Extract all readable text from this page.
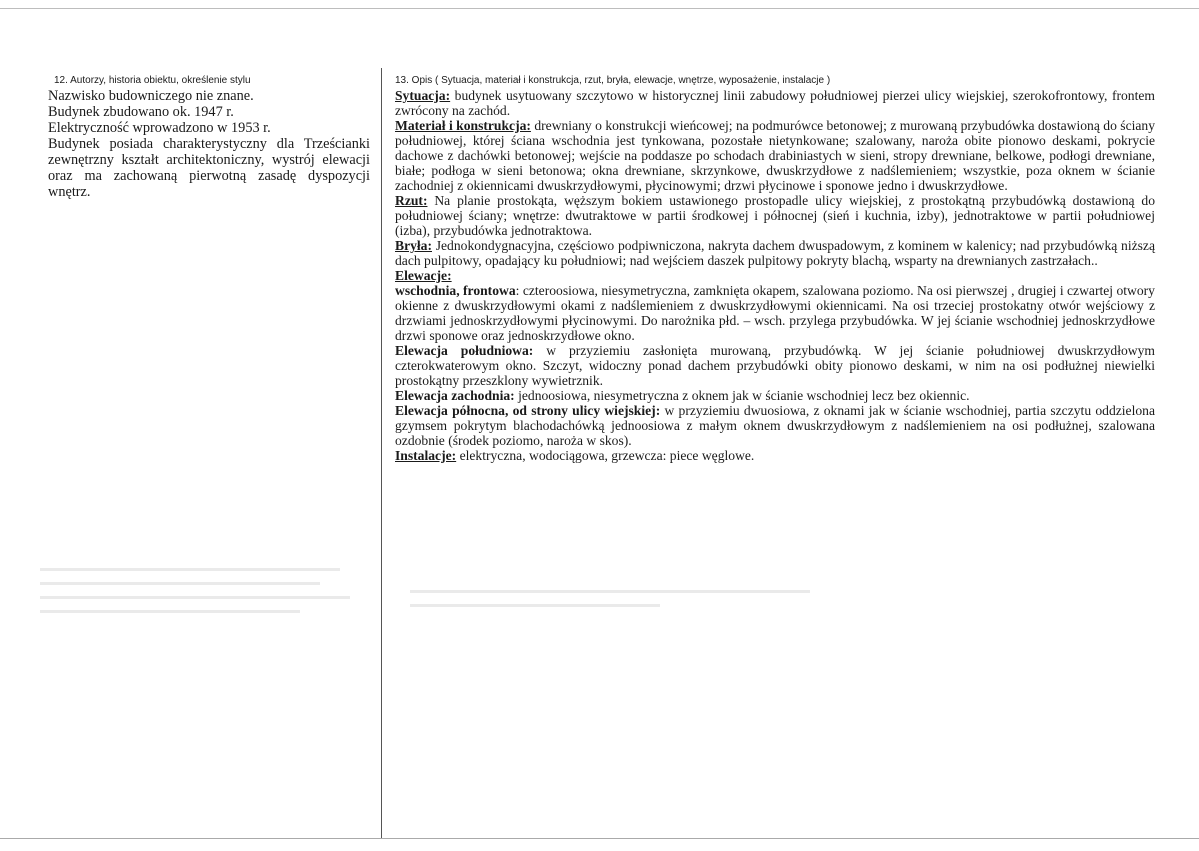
12. Autorzy, historia obiektu, określenie stylu

Nazwisko budowniczego nie znane.

Budynek zbudowano ok. 1947 r.

Elektryczność wprowadzono w 1953 r.

Budynek posiada charakterystyczny dla Trześcianki zewnętrzny kształt architektoniczny, wystrój elewacji oraz ma zachowaną pierwotną zasadę dyspozycji wnętrz.

13. Opis ( Sytuacja, materiał i konstrukcja, rzut, bryła, elewacje, wnętrze, wyposażenie, instalacje )

Sytuacja: budynek usytuowany szczytowo w historycznej linii zabudowy południowej pierzei ulicy wiejskiej, szerokofrontowy, frontem zwrócony na zachód.

Materiał i konstrukcja: drewniany o konstrukcji wieńcowej; na podmurówce betonowej; z murowaną przybudówka dostawioną do ściany południowej, której ściana wschodnia jest tynkowana, pozostałe nietynkowane; szalowany, naroża obite pionowo deskami, pokrycie dachowe z dachówki betonowej; wejście na poddasze po schodach drabiniastych w sieni, stropy drewniane, belkowe, podłogi drewniane, białe; podłoga w sieni betonowa; okna drewniane, skrzynkowe, dwuskrzydłowe z nadślemieniem; wszystkie, poza oknem w ścianie zachodniej z okiennicami dwuskrzydłowymi, płycinowymi; drzwi płycinowe i sponowe jedno i dwuskrzydłowe.

Rzut: Na planie prostokąta, węższym bokiem ustawionego prostopadle ulicy wiejskiej, z prostokątną przybudówką dostawioną do południowej ściany; wnętrze: dwutraktowe w partii środkowej i północnej (sień i kuchnia, izby), jednotraktowe w partii południowej (izba), przybudówka jednotraktowa.

Bryła: Jednokondygnacyjna, częściowo podpiwniczona, nakryta dachem dwuspadowym, z kominem w kalenicy; nad przybudówką niższą dach pulpitowy, opadający ku południowi; nad wejściem daszek pulpitowy pokryty blachą, wsparty na drewnianych zastrzałach..

Elewacje:

wschodnia, frontowa: czteroosiowa, niesymetryczna, zamknięta okapem, szalowana poziomo. Na osi pierwszej , drugiej i czwartej otwory okienne z dwuskrzydłowymi okami z nadślemieniem z dwuskrzydłowymi okiennicami. Na osi trzeciej prostokatny otwór wejściowy z drzwiami jednoskrzydłowymi płycinowymi. Do narożnika płd. – wsch. przylega przybudówka. W jej ścianie wschodniej jednoskrzydłowe drzwi sponowe oraz jednoskrzydłowe okno.

Elewacja południowa: w przyziemiu zasłonięta murowaną, przybudówką. W jej ścianie południowej dwuskrzydłowym czterokwaterowym okno. Szczyt, widoczny ponad dachem przybudówki obity pionowo deskami, w nim na osi podłużnej niewielki prostokątny przeszklony wywietrznik.

Elewacja zachodnia: jednoosiowa, niesymetryczna z oknem jak w ścianie wschodniej lecz bez okiennic.

Elewacja północna, od strony ulicy wiejskiej: w przyziemiu dwuosiowa, z oknami jak w ścianie wschodniej, partia szczytu oddzielona gzymsem pokrytym blachodachówką jednoosiowa z małym oknem dwuskrzydłowym z nadślemieniem na osi podłużnej, szalowana ozdobnie (środek poziomo, naroża w skos).

Instalacje: elektryczna, wodociągowa, grzewcza: piece węglowe.
